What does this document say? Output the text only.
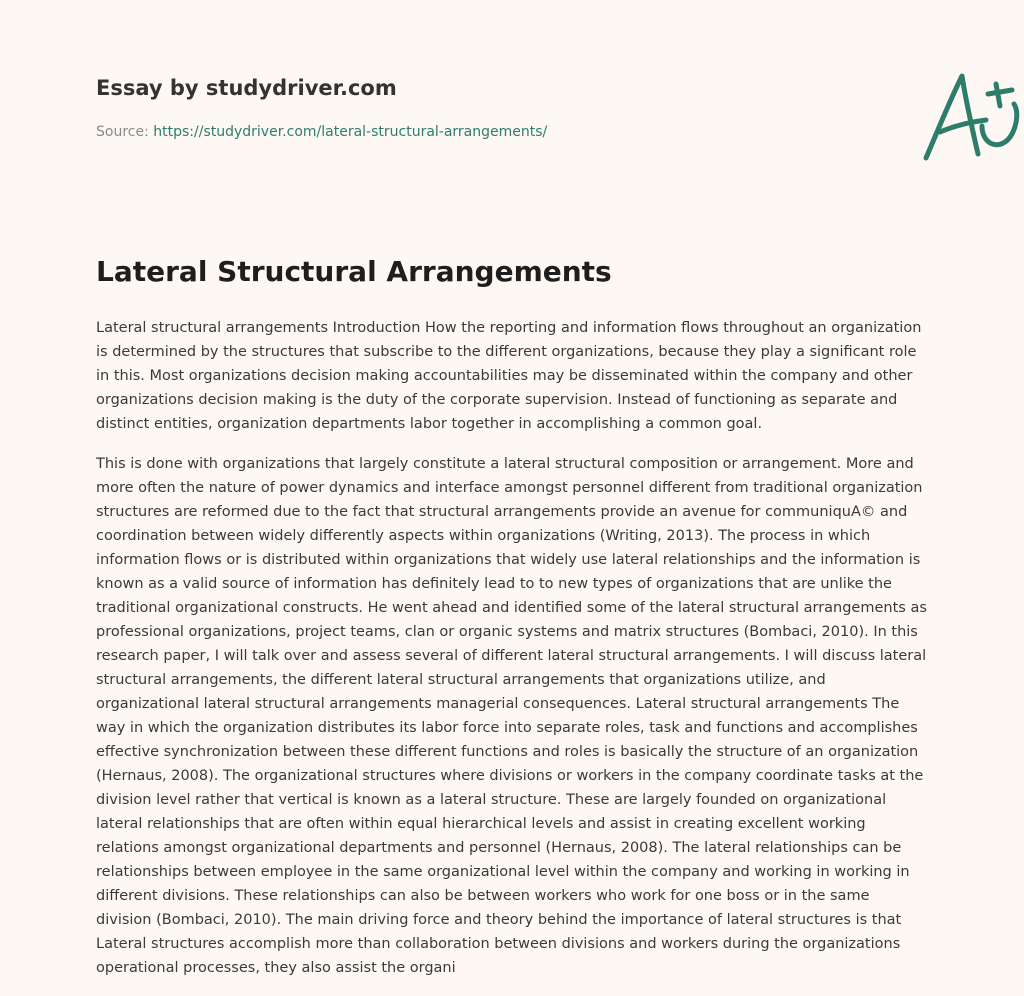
Essay by studydriver.com
Source: https://studydriver.com/lateral-structural-arrangements/
Lateral Structural Arrangements

Lateral structural arrangements Introduction How the reporting and information flows throughout an organization is determined by the structures that subscribe to the different organizations, because they play a significant role in this. Most organizations decision making accountabilities may be disseminated within the company and other organizations decision making is the duty of the corporate supervision. Instead of functioning as separate and distinct entities, organization departments labor together in accomplishing a common goal.

This is done with organizations that largely constitute a lateral structural composition or arrangement. More and more often the nature of power dynamics and interface amongst personnel different from traditional organization structures are reformed due to the fact that structural arrangements provide an avenue for communiquA© and coordination between widely differently aspects within organizations (Writing, 2013). The process in which information flows or is distributed within organizations that widely use lateral relationships and the information is known as a valid source of information has definitely lead to to new types of organizations that are unlike the traditional organizational constructs. He went ahead and identified some of the lateral structural arrangements as professional organizations, project teams, clan or organic systems and matrix structures (Bombaci, 2010). In this research paper, I will talk over and assess several of different lateral structural arrangements. I will discuss lateral structural arrangements, the different lateral structural arrangements that organizations utilize, and organizational lateral structural arrangements managerial consequences. Lateral structural arrangements The way in which the organization distributes its labor force into separate roles, task and functions and accomplishes effective synchronization between these different functions and roles is basically the structure of an organization (Hernaus, 2008). The organizational structures where divisions or workers in the company coordinate tasks at the division level rather that vertical is known as a lateral structure. These are largely founded on organizational lateral relationships that are often within equal hierarchical levels and assist in creating excellent working relations amongst organizational departments and personnel (Hernaus, 2008). The lateral relationships can be relationships between employee in the same organizational level within the company and working in working in different divisions. These relationships can also be between workers who work for one boss or in the same division (Bombaci, 2010). The main driving force and theory behind the importance of lateral structures is that Lateral structures accomplish more than collaboration between divisions and workers during the organizations operational processes, they also assist the organi
